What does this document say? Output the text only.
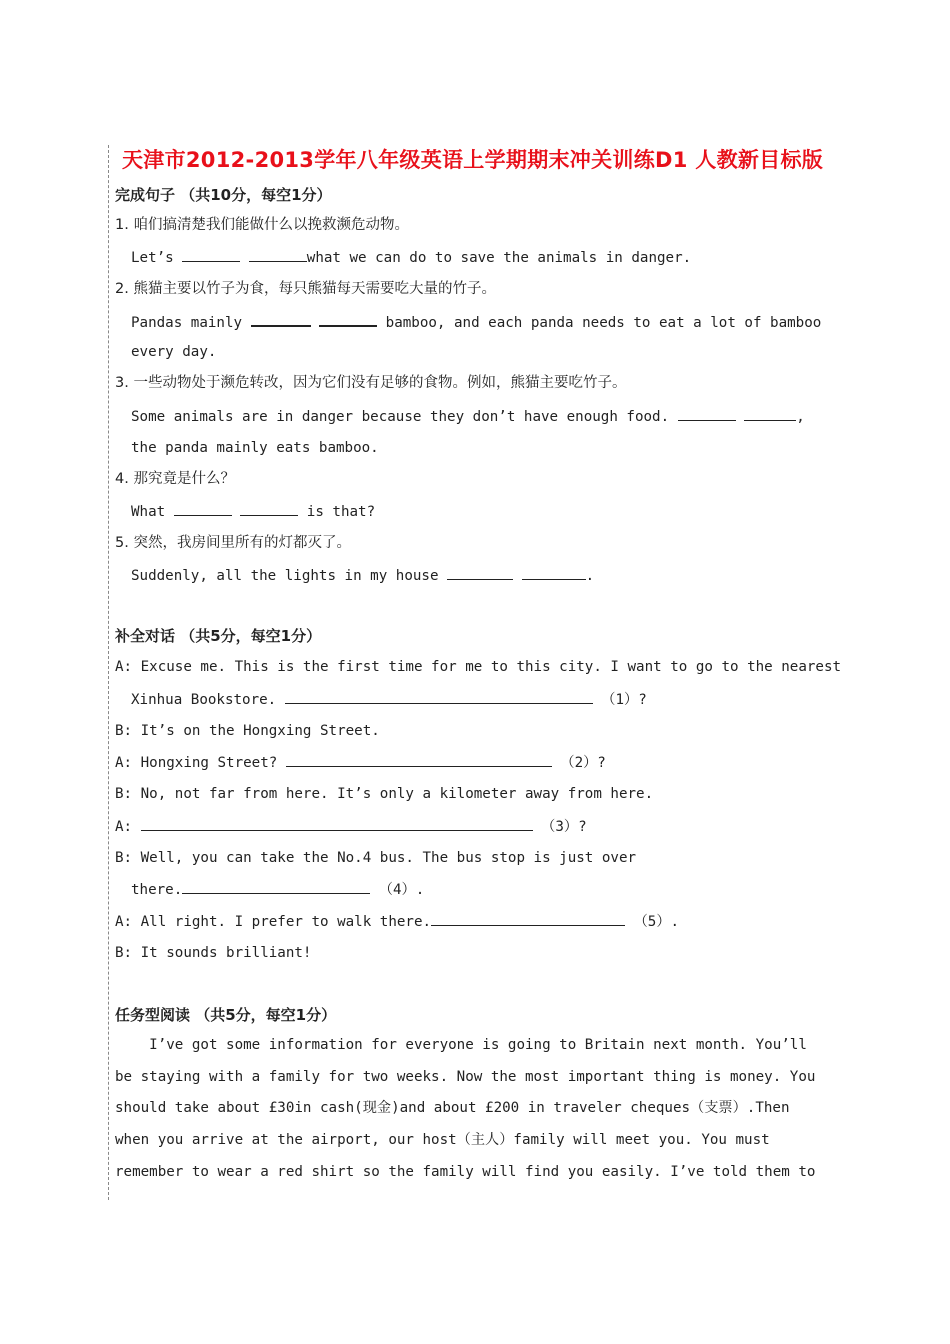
天津市2012-2013学年八年级英语上学期期末冲关训练D1 人教新目标版
完成句子 （共10分，每空1分）
1. 咱们搞清楚我们能做什么以挽救濒危动物。
Let’s	what we can do to save the animals in danger.
2. 熊猫主要以竹子为食，每只熊猫每天需要吃大量的竹子。
Pandas mainly	bamboo, and each panda needs to eat a lot of bamboo
every day.
3. 一些动物处于濒危转改，因为它们没有足够的食物。例如，熊猫主要吃竹子。
Some animals are in danger because they don’t have enough food.	,
the panda mainly eats bamboo.
4. 那究竟是什么？
What	is that?
5. 突然，我房间里所有的灯都灭了。
Suddenly, all the lights in my house	.
补全对话 （共5分，每空1分）
A: Excuse me. This is the first time for me to this city. I want to go to the nearest
Xinhua Bookstore.	（1）?
B: It’s on the Hongxing Street.
A: Hongxing Street?	（2）?
B: No, not far from here. It’s only a kilometer away from here.
A:	（3）?
B: Well, you can take the No.4 bus. The bus stop is just over
there.	（4）.
A: All right. I prefer to walk there.	（5）.
B: It sounds brilliant!
任务型阅读 （共5分，每空1分）
I’ve got some information for everyone is going to Britain next month. You’ll
be staying with a family for two weeks. Now the most important thing is money. You
should take about £30in cash(现金)and about £200 in traveler cheques（支票）.Then
when you arrive at the airport, our host（主人）family will meet you. You must
remember to wear a red shirt so the family will find you easily. I’ve told them to
